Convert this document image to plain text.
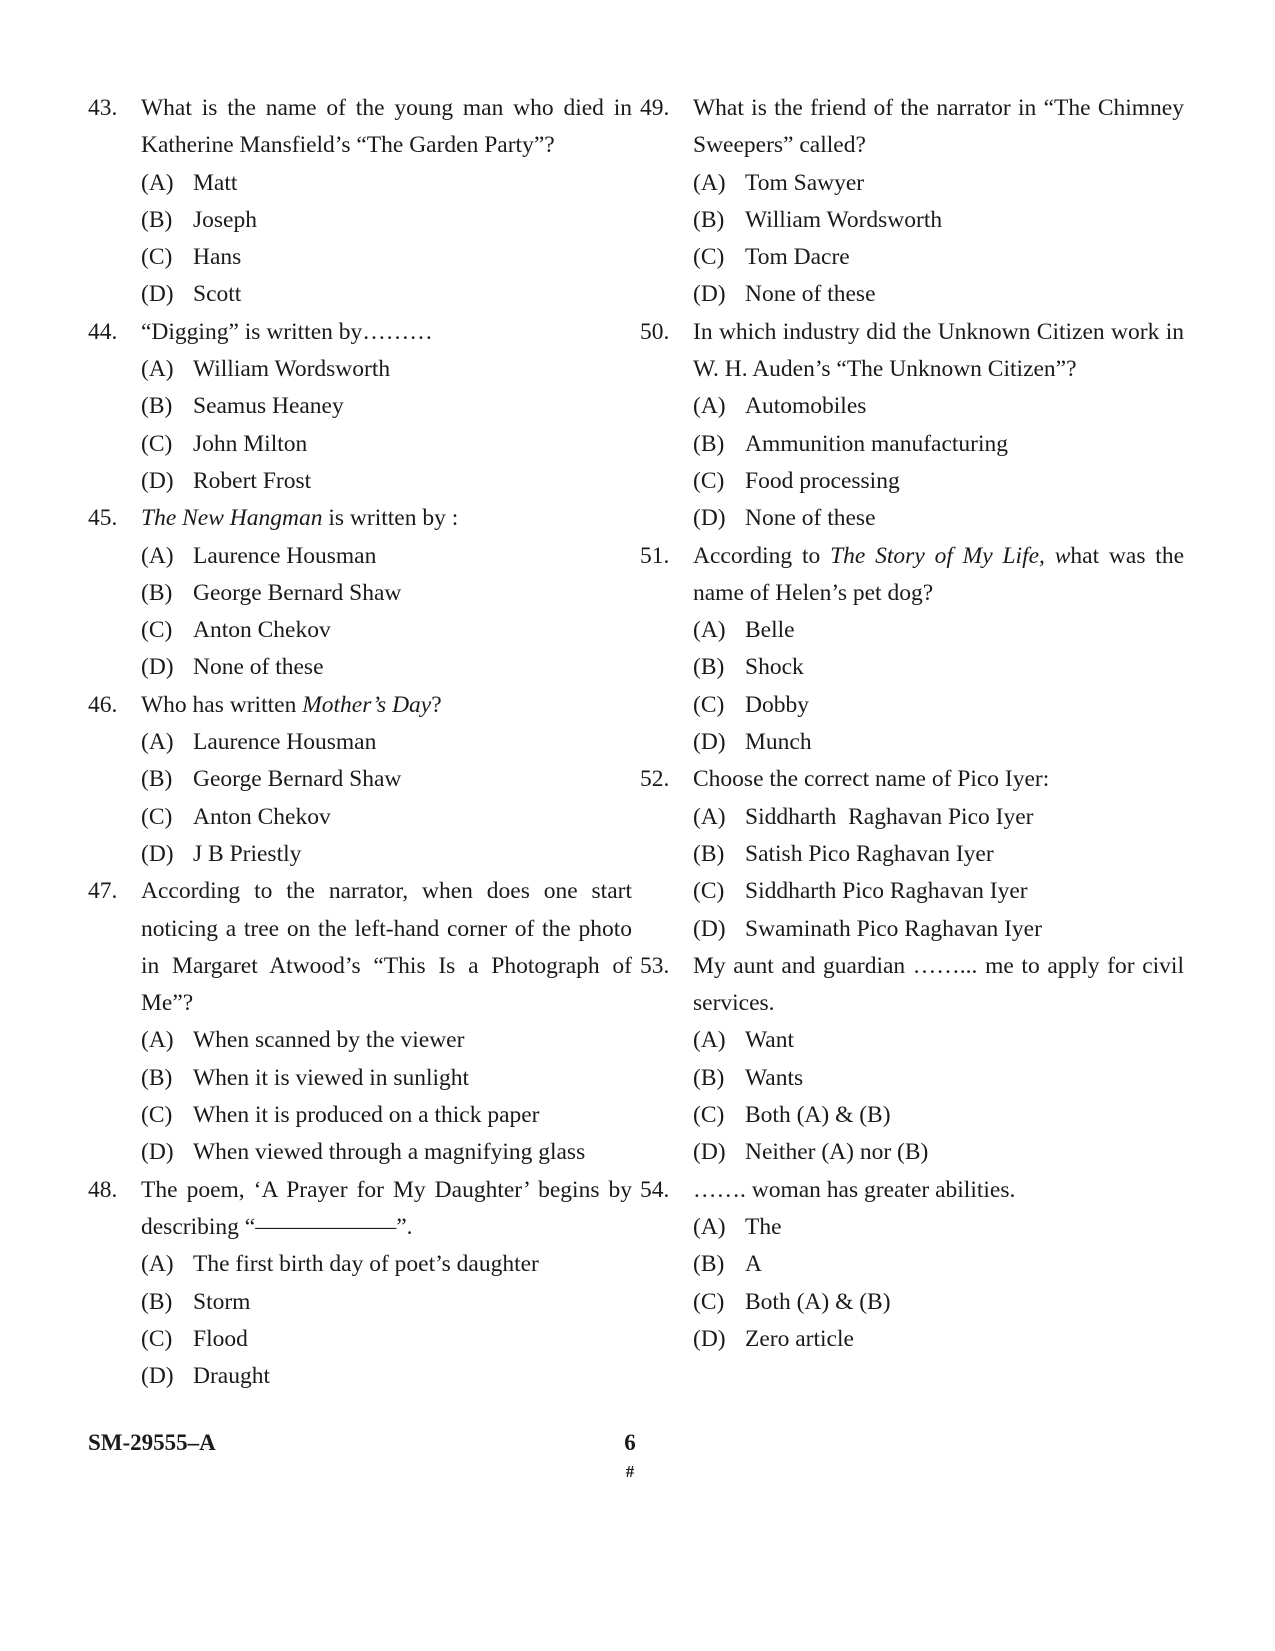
43. What is the name of the young man who died in Katherine Mansfield’s “The Garden Party”?

(A) Matt
(B) Joseph
(C) Hans
(D) Scott
44. “Digging” is written by………

(A) William Wordsworth
(B) Seamus Heaney
(C) John Milton
(D) Robert Frost
45. The New Hangman is written by :

(A) Laurence Housman
(B) George Bernard Shaw
(C) Anton Chekov
(D) None of these
46. Who has written Mother’s Day?

(A) Laurence Housman
(B) George Bernard Shaw
(C) Anton Chekov
(D) J B Priestly
47. According to the narrator, when does one start noticing a tree on the left-hand corner of the photo in Margaret Atwood’s “This Is a Photograph of Me”?

(A) When scanned by the viewer
(B) When it is viewed in sunlight
(C) When it is produced on a thick paper
(D) When viewed through a magnifying glass
48. The poem, ‘A Prayer for My Daughter’ begins by describing “——————”.

(A) The first birth day of poet’s daughter
(B) Storm
(C) Flood
(D) Draught
49. What is the friend of the narrator in “The Chimney Sweepers” called?

(A) Tom Sawyer
(B) William Wordsworth
(C) Tom Dacre
(D) None of these
50. In which industry did the Unknown Citizen work in W. H. Auden’s “The Unknown Citizen”?

(A) Automobiles
(B) Ammunition manufacturing
(C) Food processing
(D) None of these
51. According to The Story of My Life, what was the name of Helen’s pet dog?

(A) Belle
(B) Shock
(C) Dobby
(D) Munch
52. Choose the correct name of Pico Iyer:

(A) Siddharth  Raghavan Pico Iyer
(B) Satish Pico Raghavan Iyer
(C) Siddharth Pico Raghavan Iyer
(D) Swaminath Pico Raghavan Iyer
53. My aunt and guardian ……... me to apply for civil services.

(A) Want
(B) Wants
(C) Both (A) & (B)
(D) Neither (A) nor (B)
54. ……. woman has greater abilities.

(A) The
(B) A
(C) Both (A) & (B)
(D) Zero article
SM-29555–A	6
#
